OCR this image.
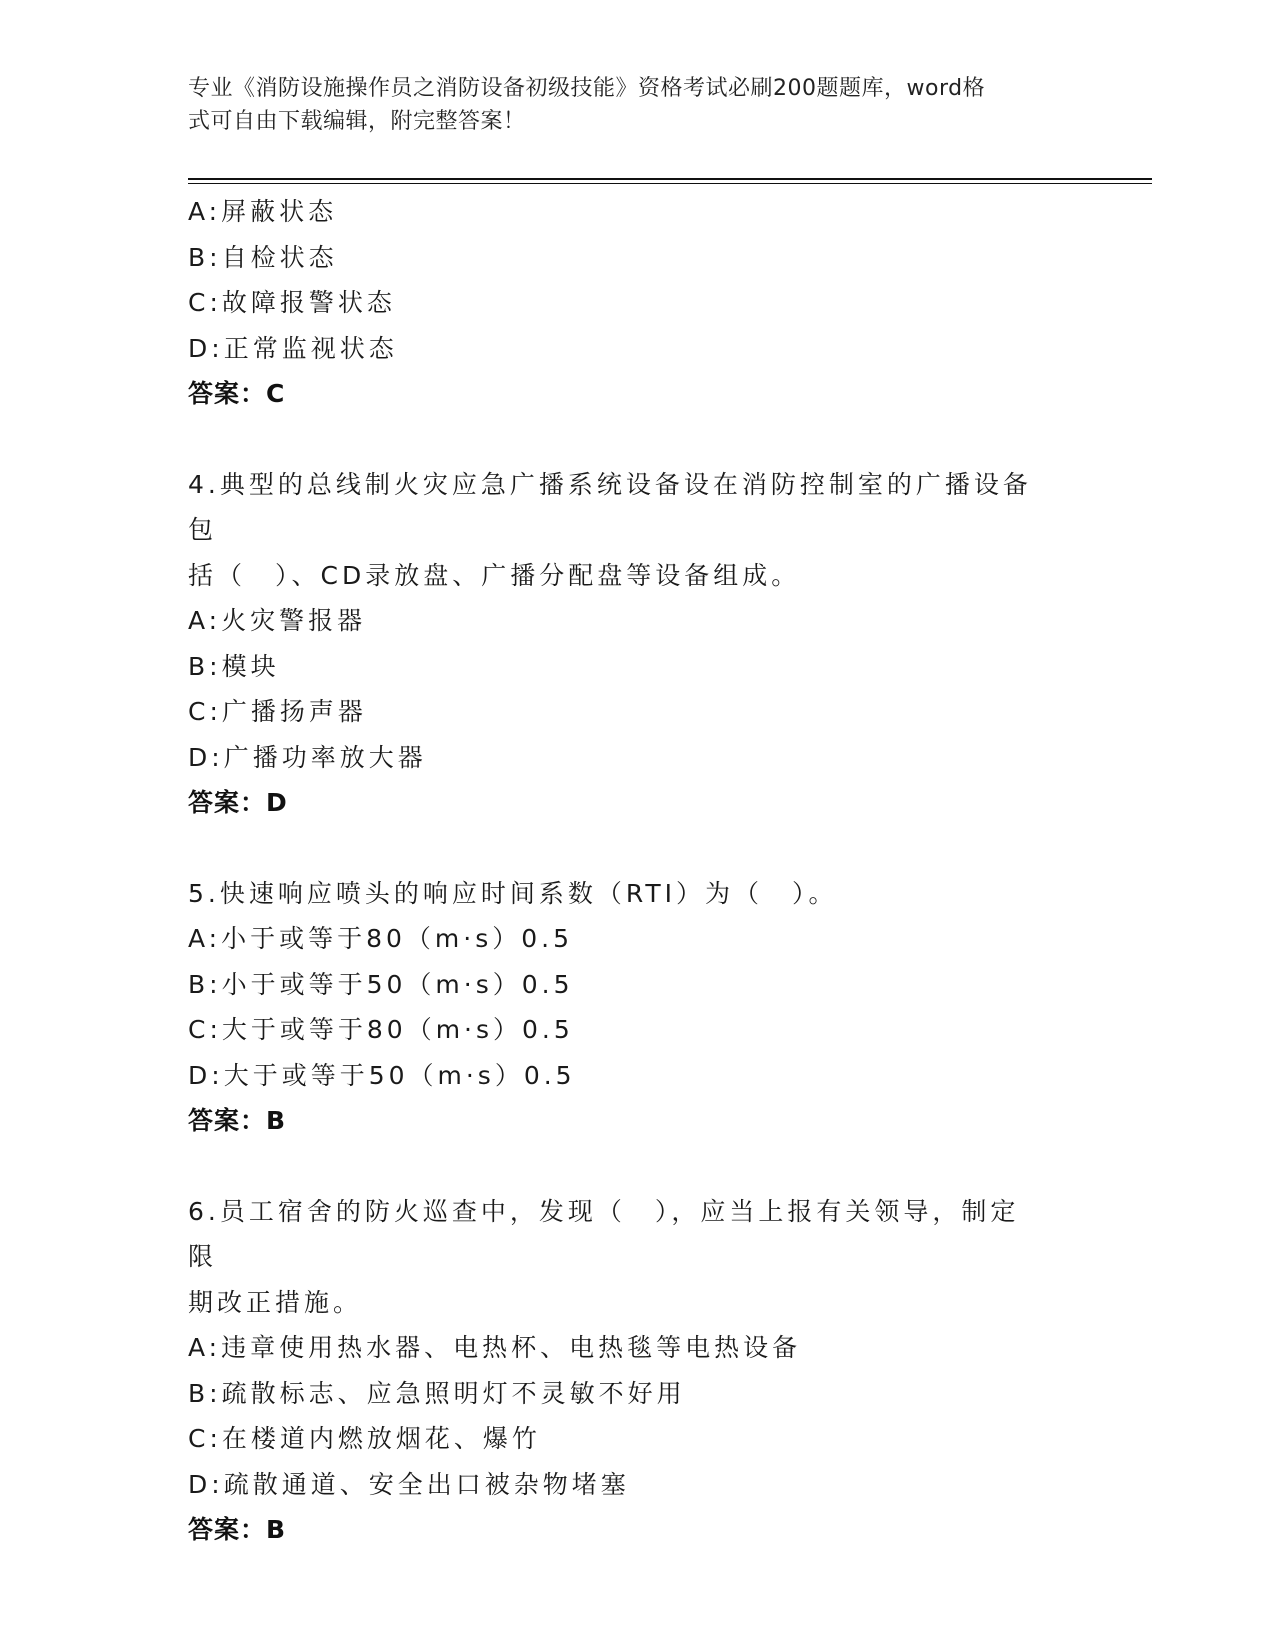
专业《消防设施操作员之消防设备初级技能》资格考试必刷200题题库，word格
式可自由下载编辑，附完整答案！
A:屏蔽状态
B:自检状态
C:故障报警状态
D:正常监视状态
答案：C
4.典型的总线制火灾应急广播系统设备设在消防控制室的广播设备包
括（　）、CD录放盘、广播分配盘等设备组成。
A:火灾警报器
B:模块
C:广播扬声器
D:广播功率放大器
答案：D
5.快速响应喷头的响应时间系数（RTI）为（　）。
A:小于或等于80（m·s）0.5
B:小于或等于50（m·s）0.5
C:大于或等于80（m·s）0.5
D:大于或等于50（m·s）0.5
答案：B
6.员工宿舍的防火巡查中，发现（　），应当上报有关领导，制定限
期改正措施。
A:违章使用热水器、电热杯、电热毯等电热设备
B:疏散标志、应急照明灯不灵敏不好用
C:在楼道内燃放烟花、爆竹
D:疏散通道、安全出口被杂物堵塞
答案：B
